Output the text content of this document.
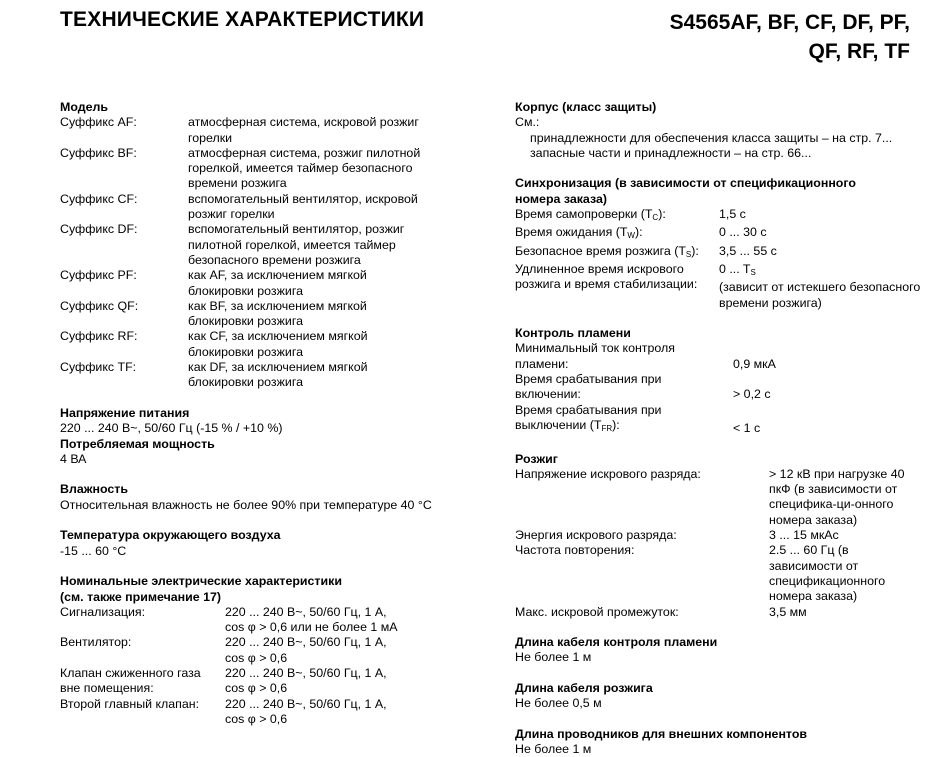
ТЕХНИЧЕСКИЕ ХАРАКТЕРИСТИКИ	S4565AF, BF, CF, DF, PF,
QF, RF, TF
Модель
Суффикс AF:	атмосферная система, искровой розжиг горелки
Суффикс BF:	атмосферная система, розжиг пилотной горелкой, имеется таймер безопасного времени розжига
Суффикс CF:	вспомогательный вентилятор, искровой розжиг горелки
Суффикс DF:	вспомогательный вентилятор, розжиг пилотной горелкой, имеется таймер безопасного времени розжига
Суффикс PF:	как AF, за исключением мягкой блокировки розжига
Суффикс QF:	как BF, за исключением мягкой блокировки розжига
Суффикс RF:	как CF, за исключением мягкой блокировки розжига
Суффикс TF:	как DF, за исключением мягкой блокировки розжига
Напряжение питания
220 ... 240 В~, 50/60 Гц (-15 % / +10 %)
Потребляемая мощность
4 ВА
Влажность
Относительная влажность не более 90% при температуре 40 °C
Температура окружающего воздуха
-15 ... 60 °C
Номинальные электрические характеристики
(см. также примечание 17)
Сигнализация:	220 ... 240 В~, 50/60 Гц, 1 А,
cos φ > 0,6 или не более 1 мА

Вентилятор:	220 ... 240 В~, 50/60 Гц, 1 А,
cos φ > 0,6

Клапан сжиженного газа вне помещения:	220 ... 240 В~, 50/60 Гц, 1 А,
cos φ > 0,6

Второй главный клапан:	220 ... 240 В~, 50/60 Гц, 1 А,
cos φ > 0,6
Корпус (класс защиты)
См.:
принадлежности для обеспечения класса защиты – на стр. 7...
запасные части и принадлежности – на стр. 66...
Синхронизация (в зависимости от спецификационного номера заказа)
Время самопроверки $(T_C)$:	1,5 с
Время ожидания $(T_W)$:	0 ... 30 с
Безопасное время розжига $(T_S)$:	3,5 ... 55 с
Удлиненное время искрового розжига и время стабилизации:	0 ... $T_S$
(зависит от истекшего безопасного времени розжига)
Контроль пламени
Минимальный ток контроля пламени:	0,9 мкА
Время срабатывания при включении:	> 0,2 с
Время срабатывания при выключении $(T_{FR})$:	< 1 с
Розжиг
Напряжение искрового разряда:	> 12 кВ при нагрузке 40 пкФ (в зависимости от специфика-ци-онного номера заказа)
Энергия искрового разряда:	3 ... 15 мкАс
Частота повторения:	2.5 ... 60 Гц (в зависимости от спецификационного номера заказа)
Макс. искровой промежуток:	3,5 мм
Длина кабеля контроля пламени
Не более 1 м
Длина кабеля розжига
Не более 0,5 м
Длина проводников для внешних компонентов
Не более 1 м
